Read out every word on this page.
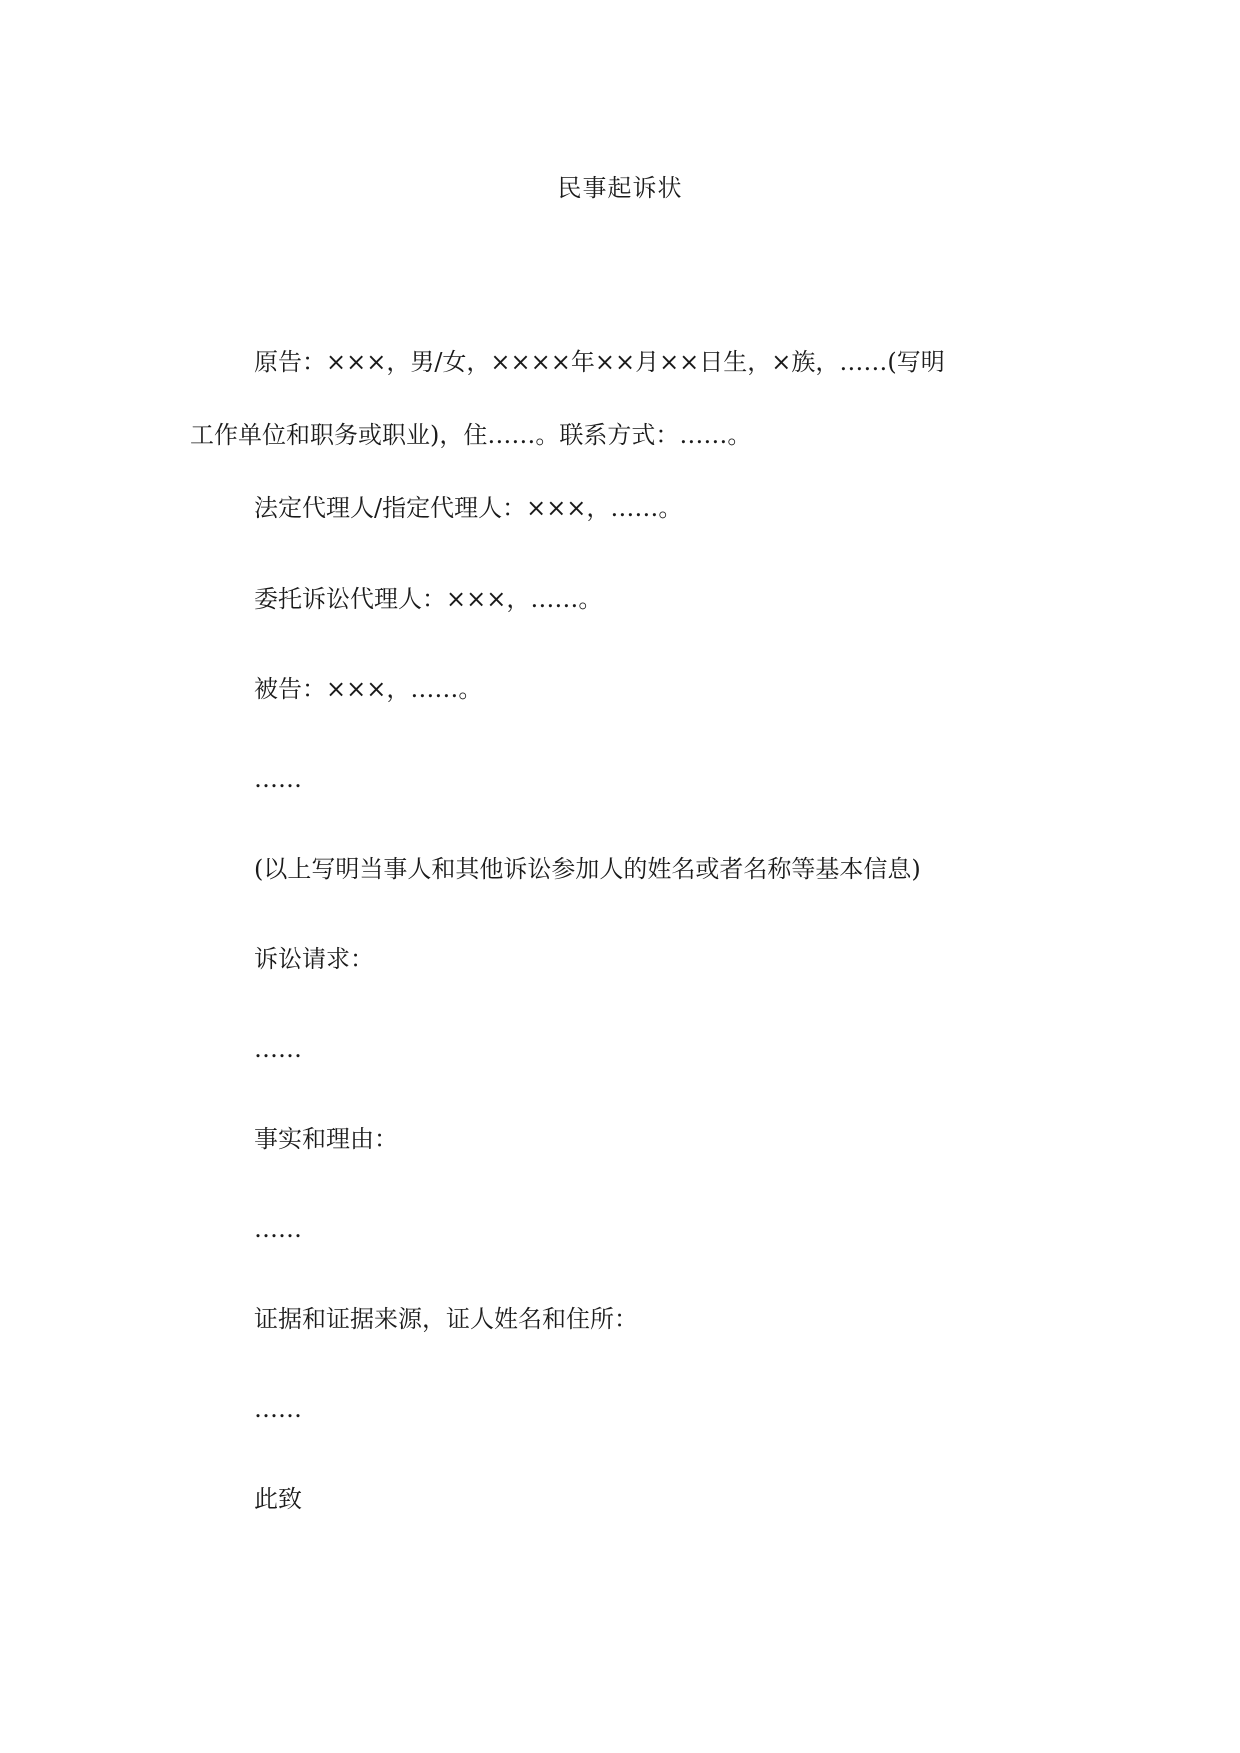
民事起诉状
原告：×××，男/女，××××年××月××日生，×族，……(写明
工作单位和职务或职业)，住……。联系方式：……。
法定代理人/指定代理人：×××，……。
委托诉讼代理人：×××，……。
被告：×××，……。
……
(以上写明当事人和其他诉讼参加人的姓名或者名称等基本信息)
诉讼请求：
……
事实和理由：
……
证据和证据来源，证人姓名和住所：
……
此致
